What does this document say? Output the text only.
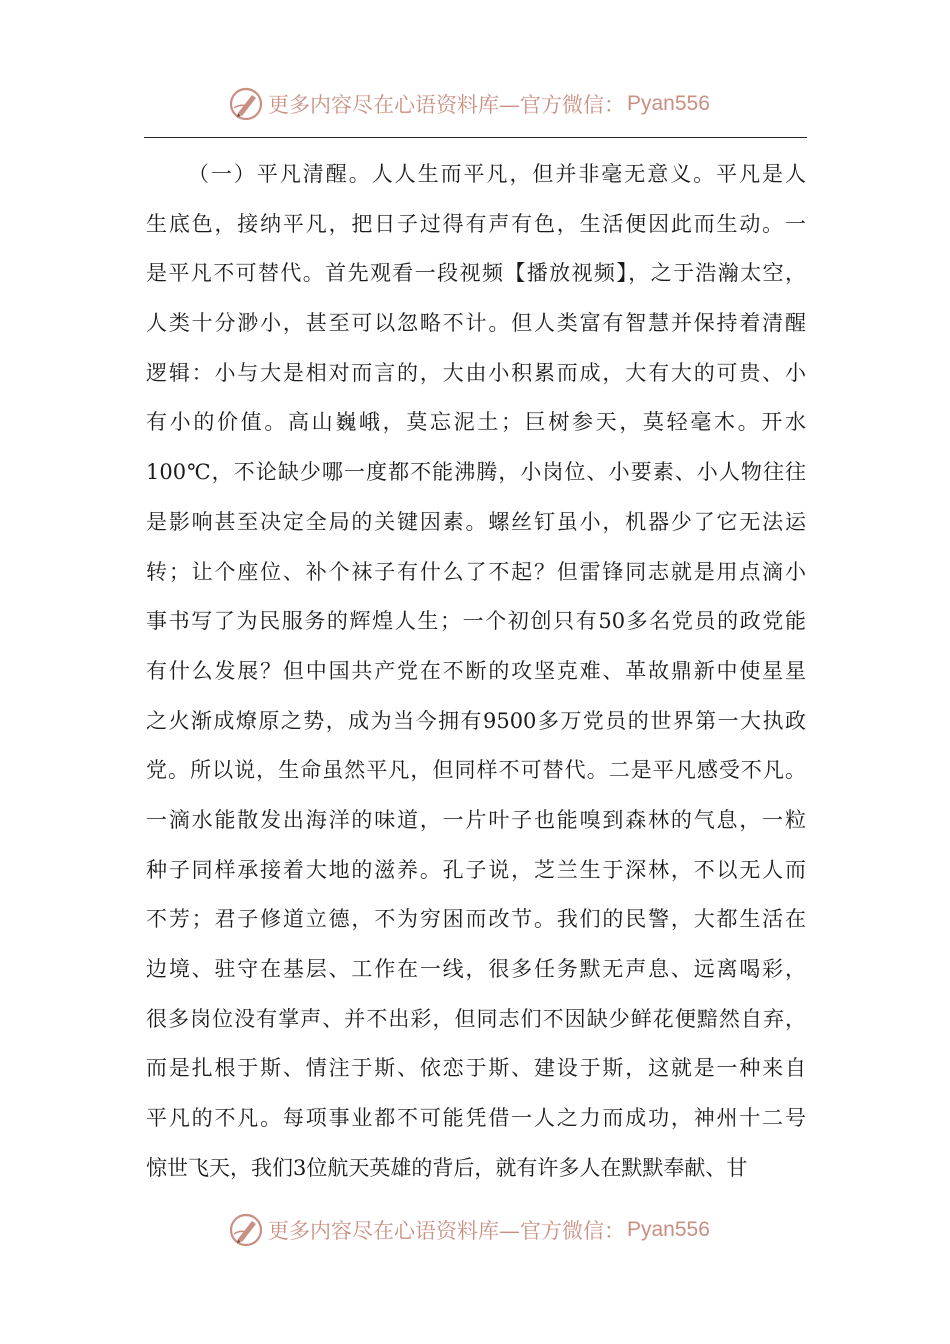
更多内容尽在心语资料库—官方微信： Pyan556
（一）平凡清醒。人人生而平凡，但并非毫无意义。平凡是人
生底色，接纳平凡，把日子过得有声有色，生活便因此而生动。一
是平凡不可替代。首先观看一段视频【播放视频】，之于浩瀚太空，
人类十分渺小，甚至可以忽略不计。但人类富有智慧并保持着清醒
逻辑：小与大是相对而言的，大由小积累而成，大有大的可贵、小
有小的价值。高山巍峨，莫忘泥土；巨树参天，莫轻毫木。开水
100℃，不论缺少哪一度都不能沸腾，小岗位、小要素、小人物往往
是影响甚至决定全局的关键因素。螺丝钉虽小，机器少了它无法运
转；让个座位、补个袜子有什么了不起？但雷锋同志就是用点滴小
事书写了为民服务的辉煌人生；一个初创只有50多名党员的政党能
有什么发展？但中国共产党在不断的攻坚克难、革故鼎新中使星星
之火渐成燎原之势，成为当今拥有9500多万党员的世界第一大执政
党。所以说，生命虽然平凡，但同样不可替代。二是平凡感受不凡。
一滴水能散发出海洋的味道，一片叶子也能嗅到森林的气息，一粒
种子同样承接着大地的滋养。孔子说，芝兰生于深林，不以无人而
不芳；君子修道立德，不为穷困而改节。我们的民警，大都生活在
边境、驻守在基层、工作在一线，很多任务默无声息、远离喝彩，
很多岗位没有掌声、并不出彩，但同志们不因缺少鲜花便黯然自弃，
而是扎根于斯、情注于斯、依恋于斯、建设于斯，这就是一种来自
平凡的不凡。每项事业都不可能凭借一人之力而成功，神州十二号
惊世飞天，我们3位航天英雄的背后，就有许多人在默默奉献、甘
更多内容尽在心语资料库—官方微信： Pyan556
